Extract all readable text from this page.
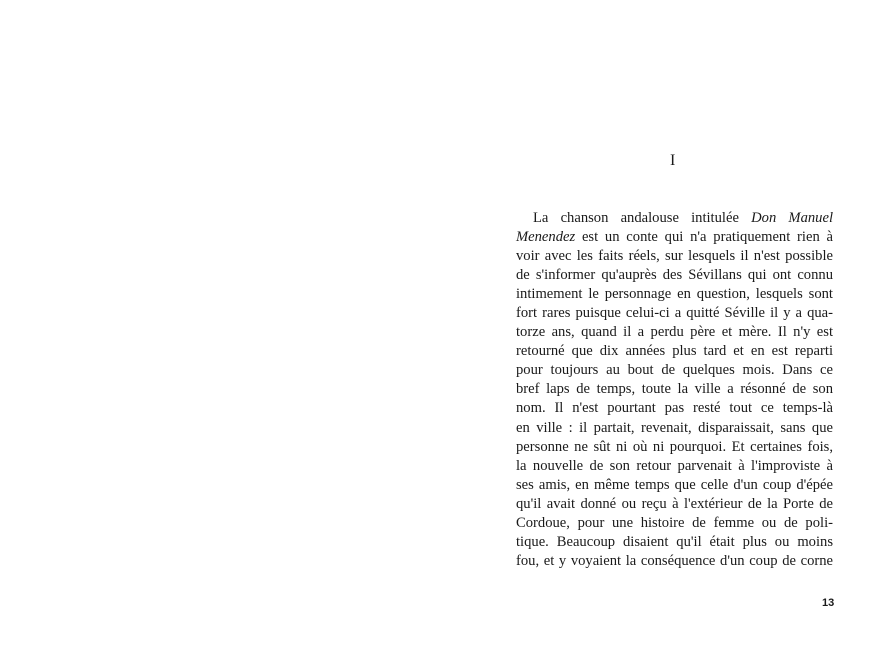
I
La chanson andalouse intitulée Don Manuel
Menendez est un conte qui n'a pratiquement rien à
voir avec les faits réels, sur lesquels il n'est possible
de s'informer qu'auprès des Sévillans qui ont connu
intimement le personnage en question, lesquels sont
fort rares puisque celui-ci a quitté Séville il y a qua-
torze ans, quand il a perdu père et mère. Il n'y est
retourné que dix années plus tard et en est reparti
pour toujours au bout de quelques mois. Dans ce
bref laps de temps, toute la ville a résonné de son
nom. Il n'est pourtant pas resté tout ce temps-là
en ville : il partait, revenait, disparaissait, sans que
personne ne sût ni où ni pourquoi. Et certaines fois,
la nouvelle de son retour parvenait à l'improviste à
ses amis, en même temps que celle d'un coup d'épée
qu'il avait donné ou reçu à l'extérieur de la Porte de
Cordoue, pour une histoire de femme ou de poli-
tique. Beaucoup disaient qu'il était plus ou moins
fou, et y voyaient la conséquence d'un coup de corne
13
